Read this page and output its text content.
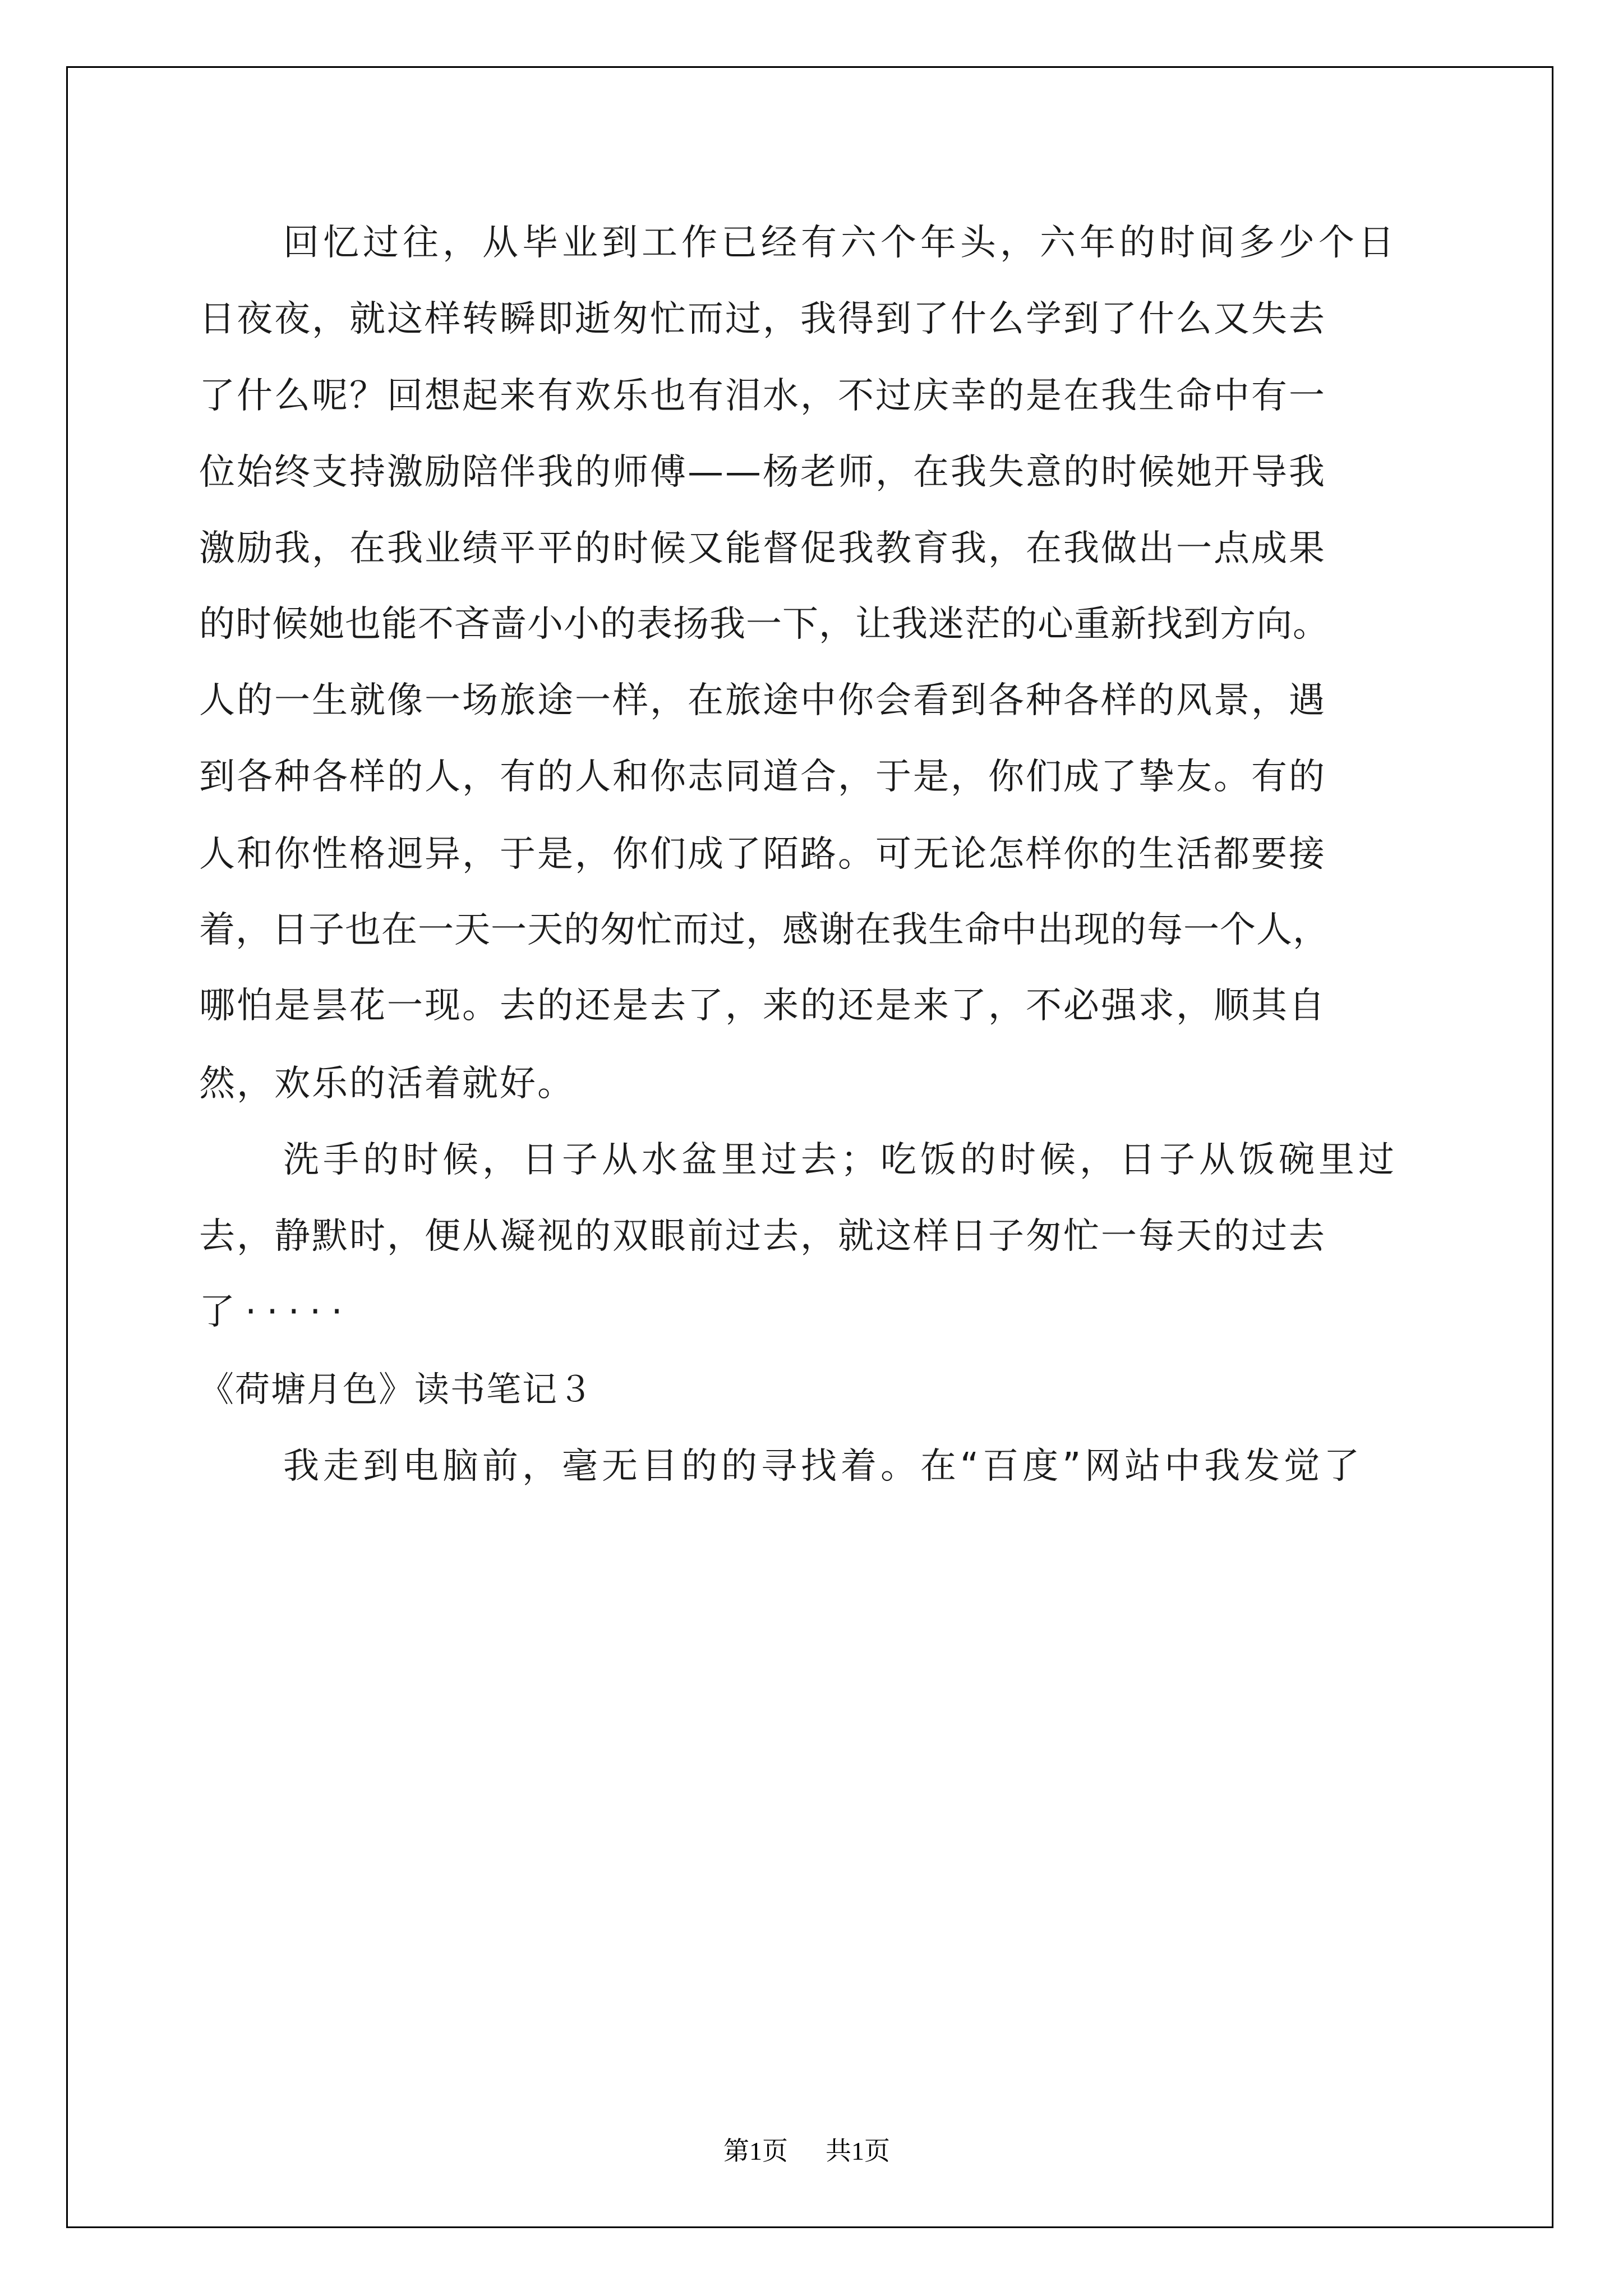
回忆过往，从毕业到工作已经有六个年头，六年的时间多少个日
日夜夜，就这样转瞬即逝匆忙而过，我得到了什么学到了什么又失去
了什么呢？回想起来有欢乐也有泪水，不过庆幸的是在我生命中有一
位始终支持激励陪伴我的师傅——杨老师，在我失意的时候她开导我
激励我，在我业绩平平的时候又能督促我教育我，在我做出一点成果
的时候她也能不吝啬小小的表扬我一下，让我迷茫的心重新找到方向。
人的一生就像一场旅途一样，在旅途中你会看到各种各样的风景，遇
到各种各样的人，有的人和你志同道合，于是，你们成了挚友。有的
人和你性格迥异，于是，你们成了陌路。可无论怎样你的生活都要接
着，日子也在一天一天的匆忙而过，感谢在我生命中出现的每一个人，
哪怕是昙花一现。去的还是去了，来的还是来了，不必强求，顺其自
然，欢乐的活着就好。
洗手的时候，日子从水盆里过去；吃饭的时候，日子从饭碗里过
去，静默时，便从凝视的双眼前过去，就这样日子匆忙一每天的过去
了·····
《荷塘月色》读书笔记３
我走到电脑前，毫无目的的寻找着。在“百度”网站中我发觉了
第1页 共1页
